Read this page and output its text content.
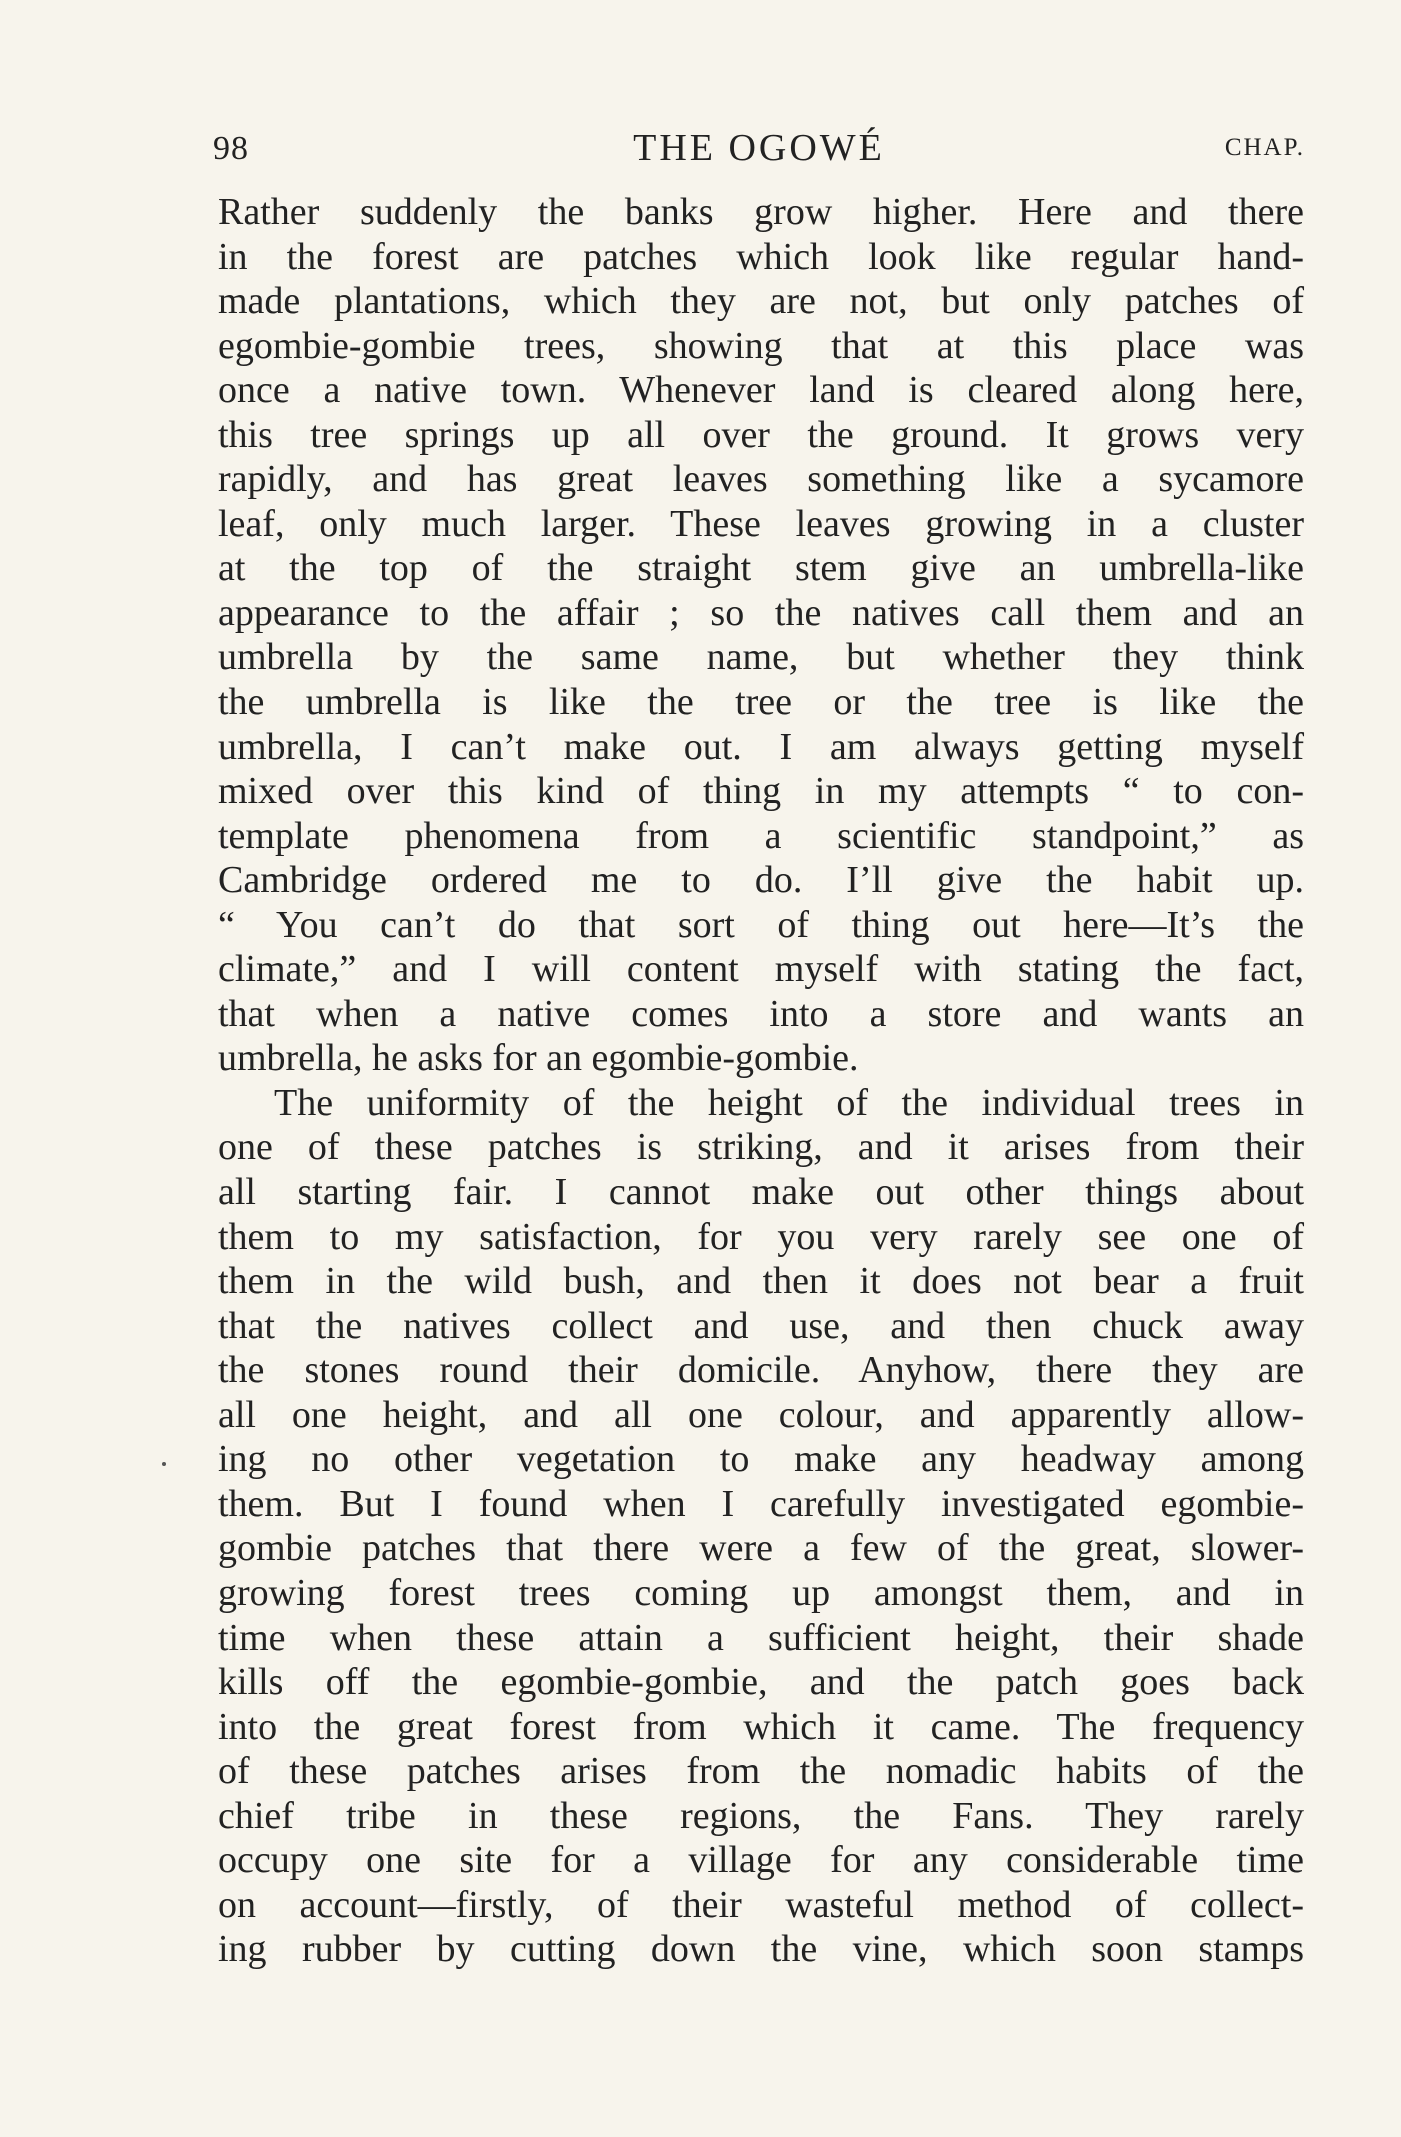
98	THE OGOWÉ	CHAP.
Rather suddenly the banks grow higher. Here and there
in the forest are patches which look like regular hand-
made plantations, which they are not, but only patches of
egombie-gombie trees, showing that at this place was
once a native town. Whenever land is cleared along here,
this tree springs up all over the ground. It grows very
rapidly, and has great leaves something like a sycamore
leaf, only much larger. These leaves growing in a cluster
at the top of the straight stem give an umbrella-like
appearance to the affair ; so the natives call them and an
umbrella by the same name, but whether they think
the umbrella is like the tree or the tree is like the
umbrella, I can’t make out. I am always getting myself
mixed over this kind of thing in my attempts “ to con-
template phenomena from a scientific standpoint,” as
Cambridge ordered me to do. I’ll give the habit up.
“ You can’t do that sort of thing out here—It’s the
climate,” and I will content myself with stating the fact,
that when a native comes into a store and wants an
umbrella, he asks for an egombie-gombie.
The uniformity of the height of the individual trees in
one of these patches is striking, and it arises from their
all starting fair. I cannot make out other things about
them to my satisfaction, for you very rarely see one of
them in the wild bush, and then it does not bear a fruit
that the natives collect and use, and then chuck away
the stones round their domicile. Anyhow, there they are
all one height, and all one colour, and apparently allow-
ing no other vegetation to make any headway among
them. But I found when I carefully investigated egombie-
gombie patches that there were a few of the great, slower-
growing forest trees coming up amongst them, and in
time when these attain a sufficient height, their shade
kills off the egombie-gombie, and the patch goes back
into the great forest from which it came. The frequency
of these patches arises from the nomadic habits of the
chief tribe in these regions, the Fans. They rarely
occupy one site for a village for any considerable time
on account—firstly, of their wasteful method of collect-
ing rubber by cutting down the vine, which soon stamps
